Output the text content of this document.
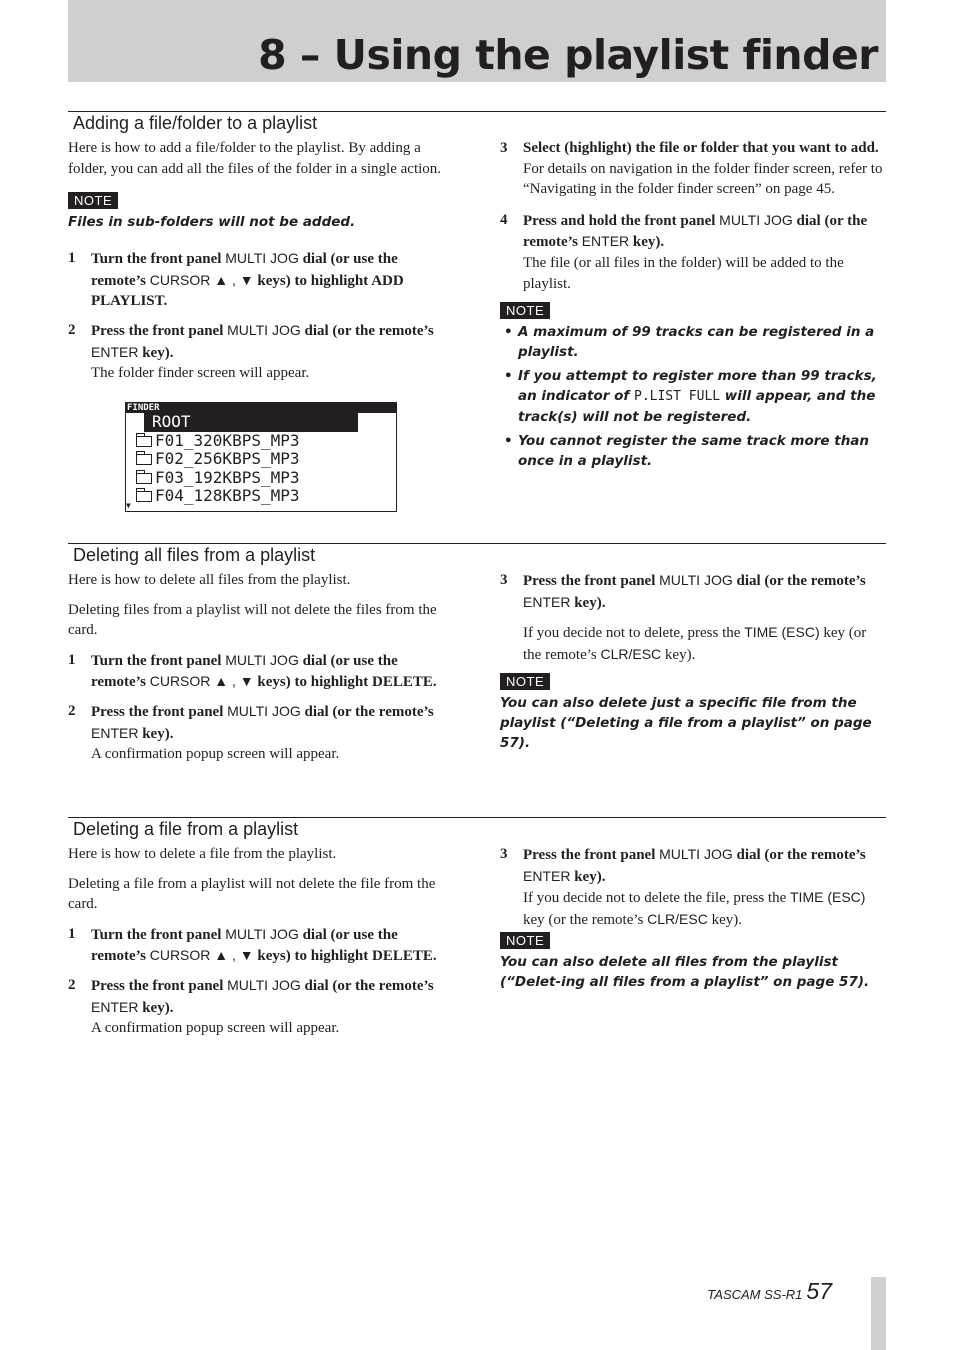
8 – Using the playlist finder
Adding a file/folder to a playlist

Here is how to add a file/folder to the playlist. By adding a folder, you can add all the files of the folder in a single action.

NOTE

Files in sub-folders will not be added.

1 Turn the front panel MULTI JOG dial (or use the remote’s CURSOR ▲ , ▼ keys) to highlight ADD PLAYLIST.

2 Press the front panel MULTI JOG dial (or the remote’s ENTER key).

The folder finder screen will appear.

FINDER
ROOT
F01_320KBPS_MP3
F02_256KBPS_MP3
F03_192KBPS_MP3
F04_128KBPS_MP3
▼
3 Select (highlight) the file or folder that you want to add.

For details on navigation in the folder finder screen, refer to “Navigating in the folder finder screen” on page 45.

4 Press and hold the front panel MULTI JOG dial (or the remote’s ENTER key).

The file (or all files in the folder) will be added to the playlist.

NOTE
• A maximum of 99 tracks can be registered in a playlist.
• If you attempt to register more than 99 tracks, an indicator of P.LIST FULL will appear, and the track(s) will not be registered.
• You cannot register the same track more than once in a playlist.
Deleting all files from a playlist

Here is how to delete all files from the playlist.

Deleting files from a playlist will not delete the files from the card.

1 Turn the front panel MULTI JOG dial (or use the remote’s CURSOR ▲ , ▼ keys) to highlight DELETE.

2 Press the front panel MULTI JOG dial (or the remote’s ENTER key).

A confirmation popup screen will appear.

3 Press the front panel MULTI JOG dial (or the remote’s ENTER key).

If you decide not to delete, press the TIME (ESC) key (or the remote’s CLR/ESC key).

NOTE

You can also delete just a specific file from the playlist (“Deleting a file from a playlist” on page 57).

Deleting a file from a playlist

Here is how to delete a file from the playlist.

Deleting a file from a playlist will not delete the file from the card.

1 Turn the front panel MULTI JOG dial (or use the remote’s CURSOR ▲ , ▼ keys) to highlight DELETE.

2 Press the front panel MULTI JOG dial (or the remote’s ENTER key).

A confirmation popup screen will appear.

3 Press the front panel MULTI JOG dial (or the remote’s ENTER key).

If you decide not to delete the file, press the TIME (ESC) key (or the remote’s CLR/ESC key).

NOTE

You can also delete all files from the playlist (“Delet-ing all files from a playlist” on page 57).

TASCAM SS-R1 57
